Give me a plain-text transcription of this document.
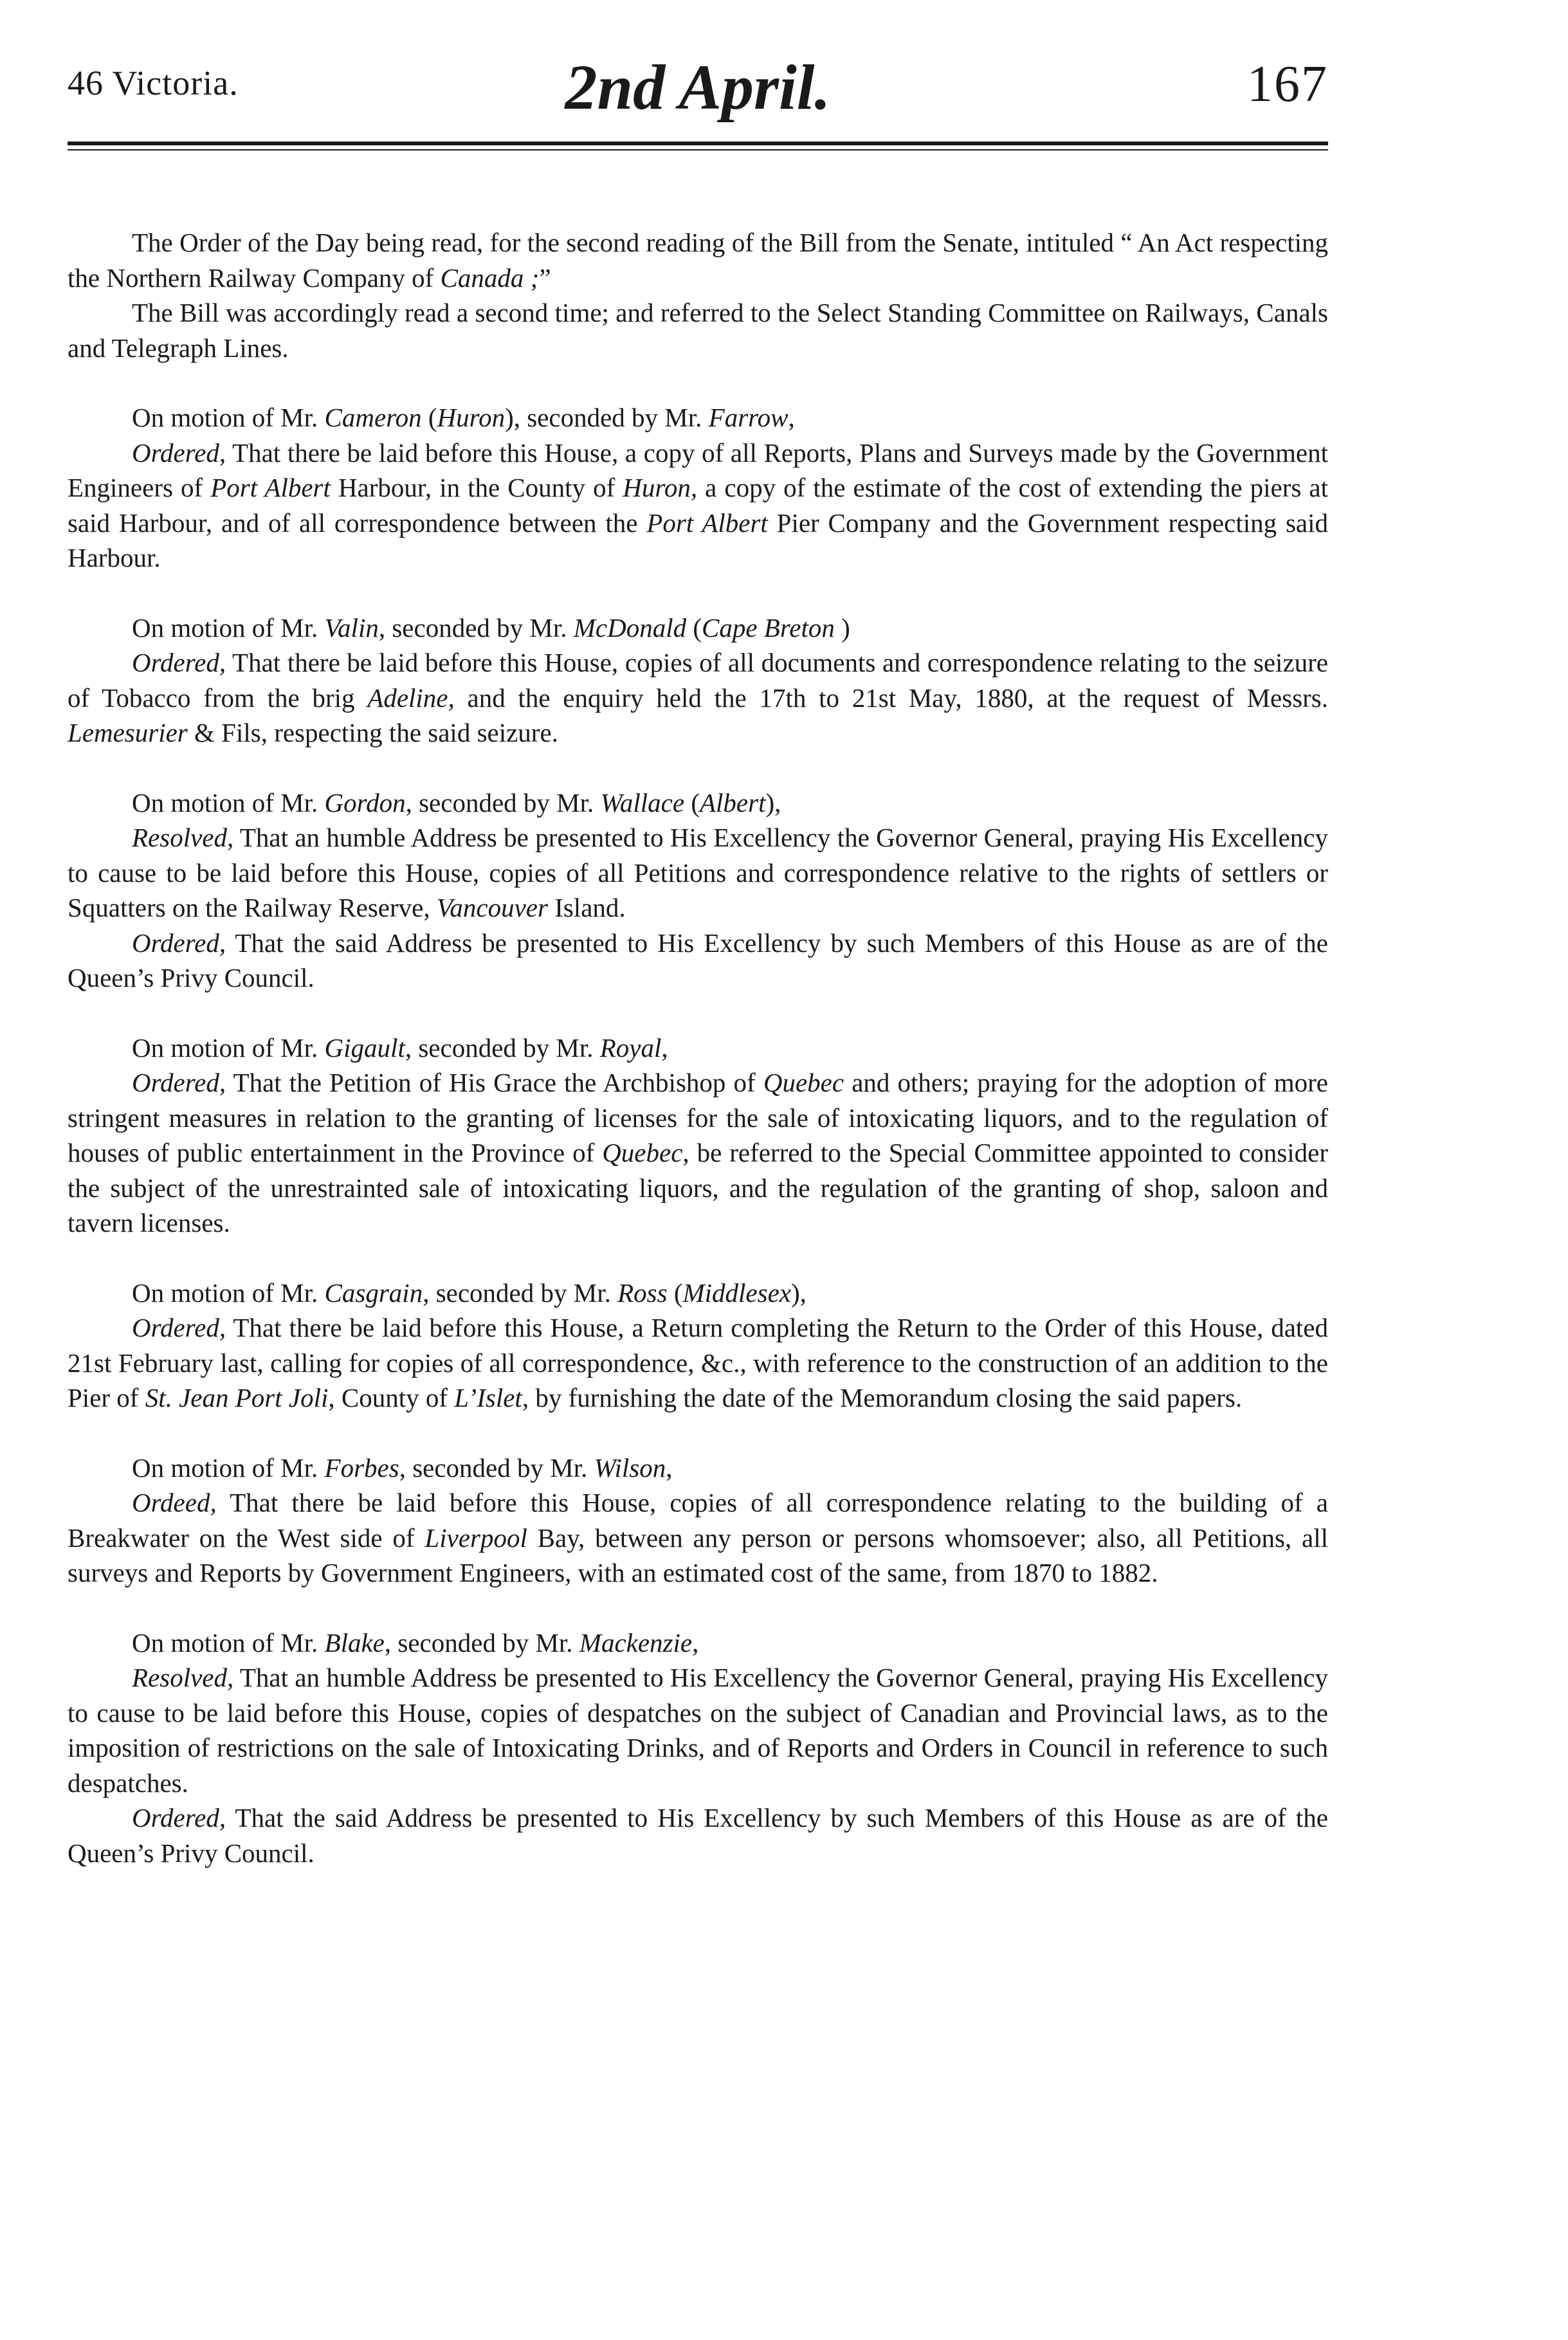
46 Victoria.	2nd April.	167

The Order of the Day being read, for the second reading of the Bill from the Senate, intituled “ An Act respecting the Northern Railway Company of Canada ;”

The Bill was accordingly read a second time; and referred to the Select Standing Committee on Railways, Canals and Telegraph Lines.

On motion of Mr. Cameron (Huron), seconded by Mr. Farrow,

Ordered, That there be laid before this House, a copy of all Reports, Plans and Surveys made by the Government Engineers of Port Albert Harbour, in the County of Huron, a copy of the estimate of the cost of extending the piers at said Harbour, and of all correspondence between the Port Albert Pier Company and the Government respecting said Harbour.

On motion of Mr. Valin, seconded by Mr. McDonald (Cape Breton )

Ordered, That there be laid before this House, copies of all documents and correspondence relating to the seizure of Tobacco from the brig Adeline, and the enquiry held the 17th to 21st May, 1880, at the request of Messrs. Lemesurier & Fils, respecting the said seizure.

On motion of Mr. Gordon, seconded by Mr. Wallace (Albert),

Resolved, That an humble Address be presented to His Excellency the Governor General, praying His Excellency to cause to be laid before this House, copies of all Petitions and correspondence relative to the rights of settlers or Squatters on the Railway Reserve, Vancouver Island.

Ordered, That the said Address be presented to His Excellency by such Members of this House as are of the Queen’s Privy Council.

On motion of Mr. Gigault, seconded by Mr. Royal,

Ordered, That the Petition of His Grace the Archbishop of Quebec and others; praying for the adoption of more stringent measures in relation to the granting of licenses for the sale of intoxicating liquors, and to the regulation of houses of public entertainment in the Province of Quebec, be referred to the Special Committee appointed to consider the subject of the unrestrainted sale of intoxicating liquors, and the regulation of the granting of shop, saloon and tavern licenses.

On motion of Mr. Casgrain, seconded by Mr. Ross (Middlesex),

Ordered, That there be laid before this House, a Return completing the Return to the Order of this House, dated 21st February last, calling for copies of all correspondence, &c., with reference to the construction of an addition to the Pier of St. Jean Port Joli, County of L’Islet, by furnishing the date of the Memorandum closing the said papers.

On motion of Mr. Forbes, seconded by Mr. Wilson,

Ordeed, That there be laid before this House, copies of all correspondence relating to the building of a Breakwater on the West side of Liverpool Bay, between any person or persons whomsoever; also, all Petitions, all surveys and Reports by Government Engineers, with an estimated cost of the same, from 1870 to 1882.

On motion of Mr. Blake, seconded by Mr. Mackenzie,

Resolved, That an humble Address be presented to His Excellency the Governor General, praying His Excellency to cause to be laid before this House, copies of despatches on the subject of Canadian and Provincial laws, as to the imposition of restrictions on the sale of Intoxicating Drinks, and of Reports and Orders in Council in reference to such despatches.

Ordered, That the said Address be presented to His Excellency by such Members of this House as are of the Queen’s Privy Council.
